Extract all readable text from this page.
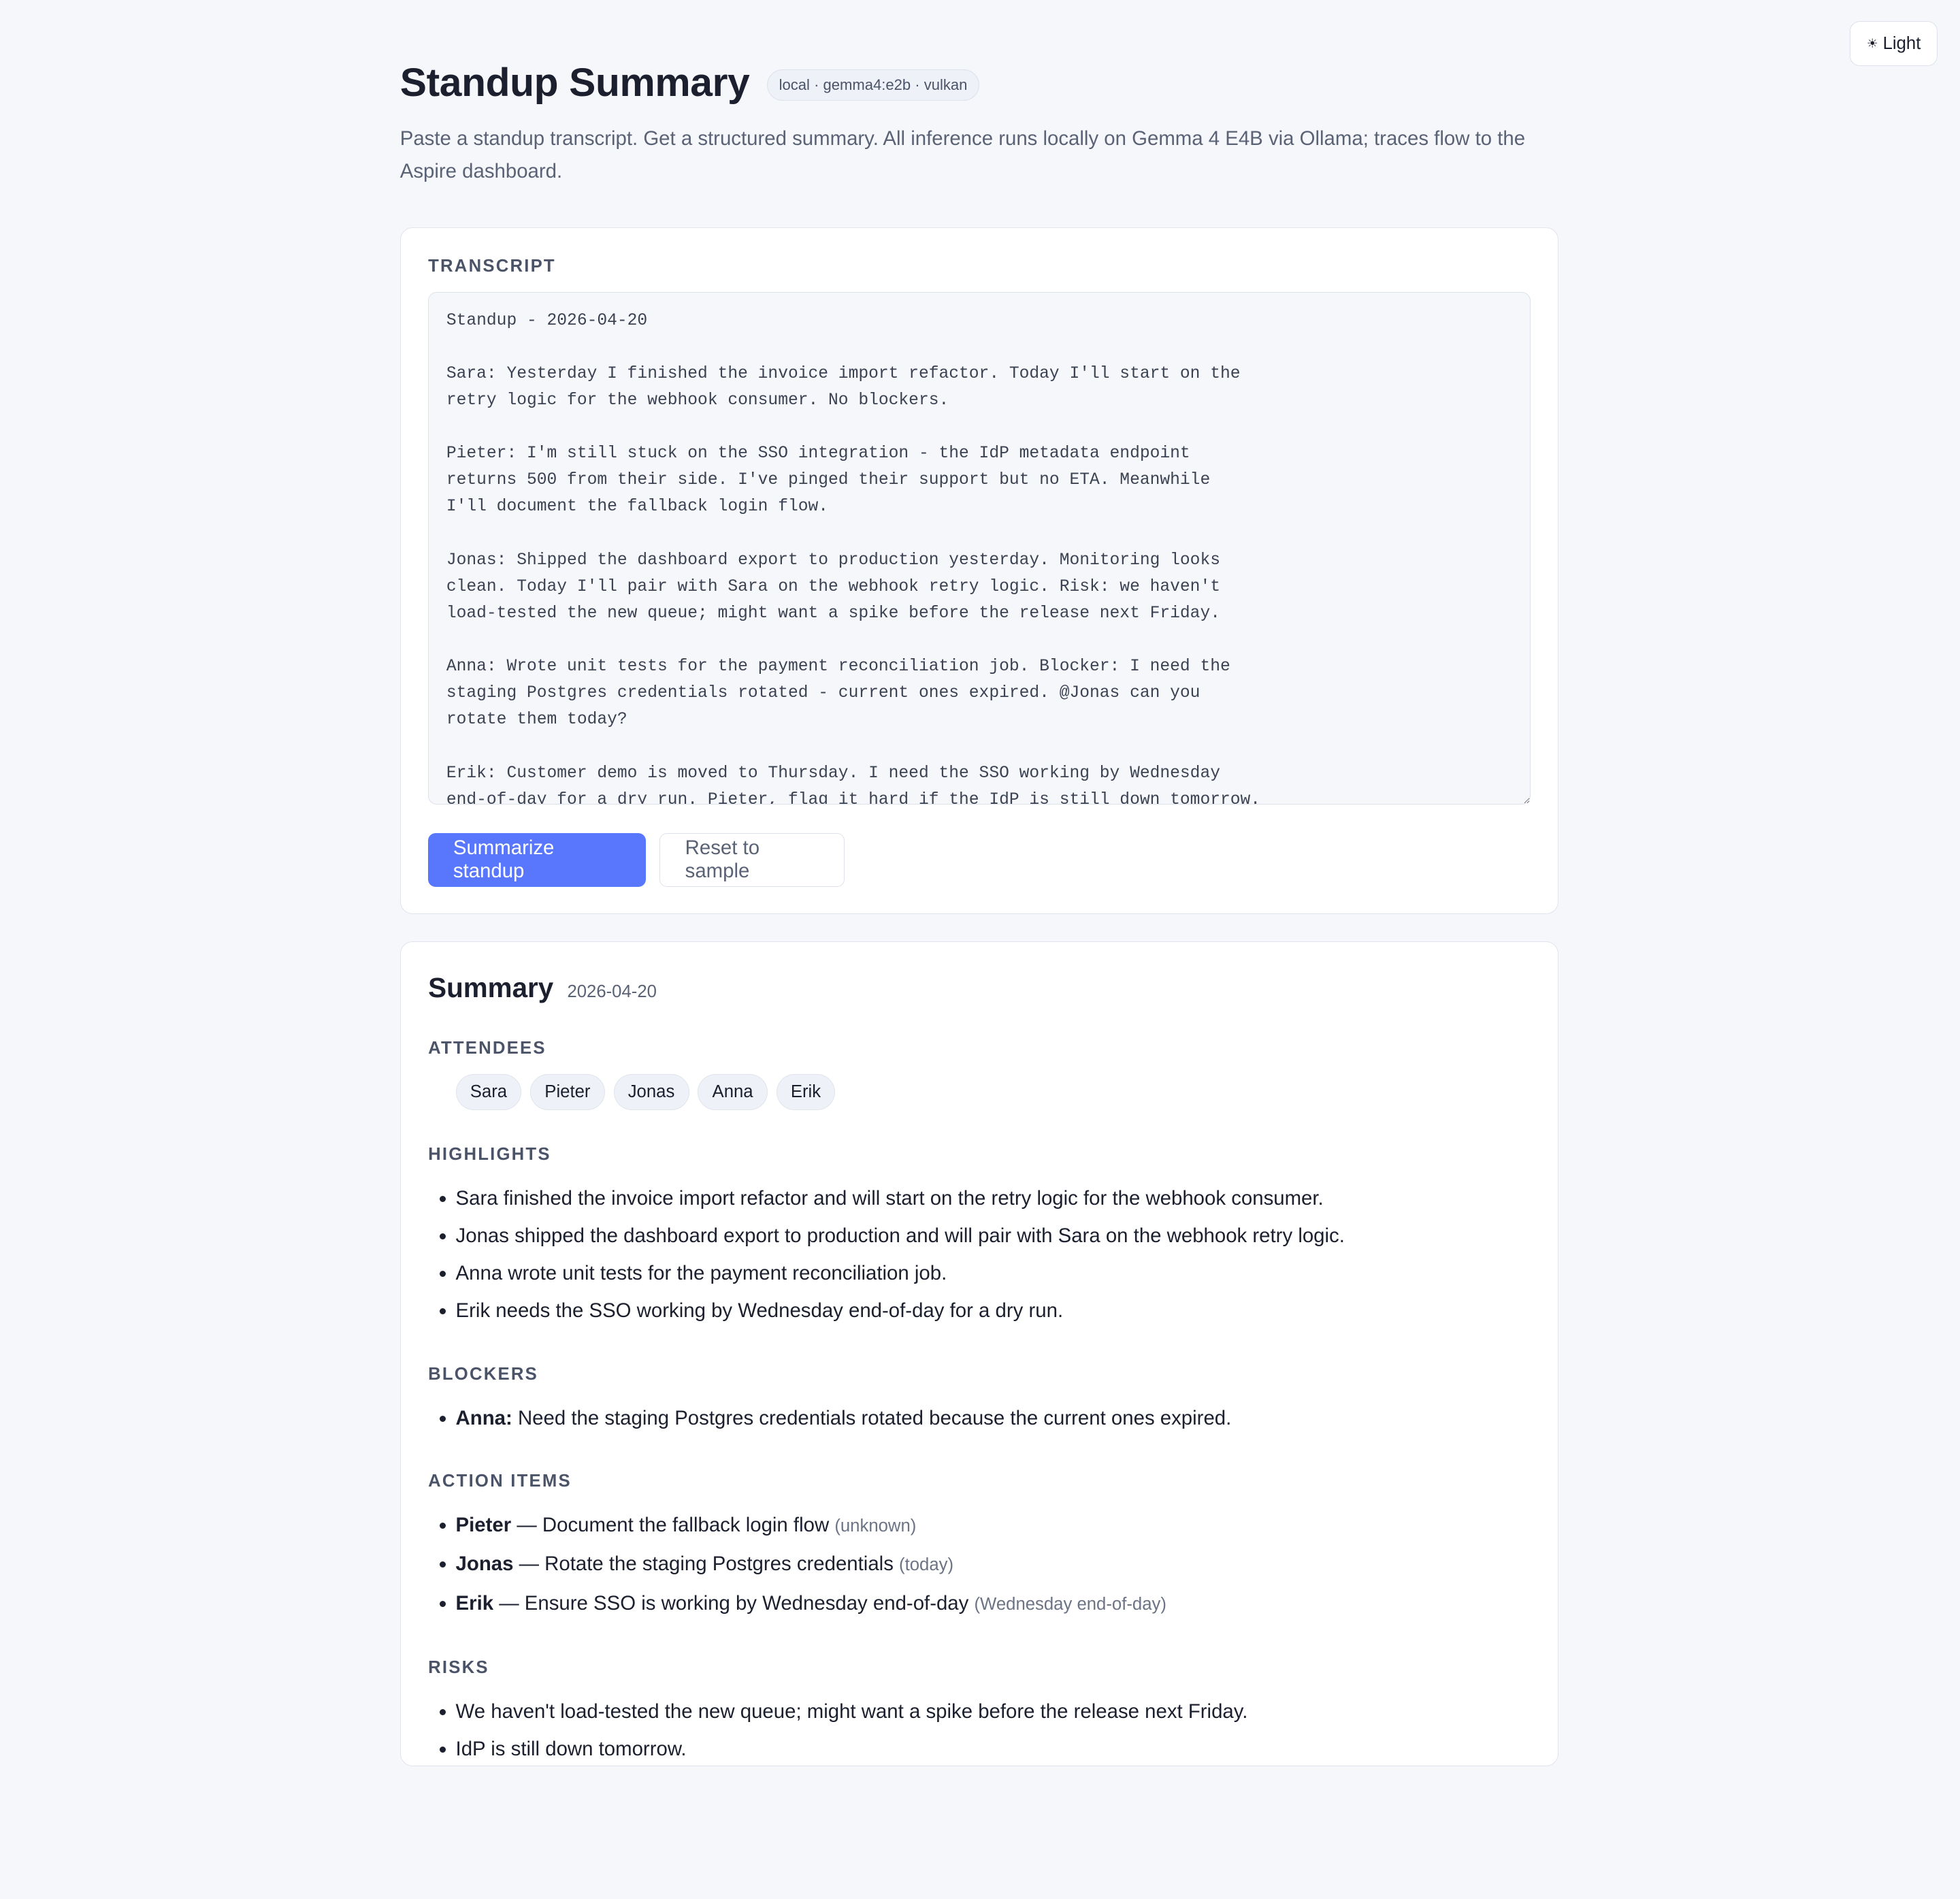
☀ Light
Standup Summary	local · gemma4:e2b · vulkan

Paste a standup transcript. Get a structured summary. All inference runs locally on Gemma 4 E4B via Ollama; traces flow to the Aspire dashboard.

TRANSCRIPT
Standup - 2026-04-20 Sara: Yesterday I finished the invoice import refactor. Today I'll start on the retry logic for the webhook consumer. No blockers. Pieter: I'm still stuck on the SSO integration - the IdP metadata endpoint returns 500 from their side. I've pinged their support but no ETA. Meanwhile I'll document the fallback login flow. Jonas: Shipped the dashboard export to production yesterday. Monitoring looks clean. Today I'll pair with Sara on the webhook retry logic. Risk: we haven't load-tested the new queue; might want a spike before the release next Friday. Anna: Wrote unit tests for the payment reconciliation job. Blocker: I need the staging Postgres credentials rotated - current ones expired. @Jonas can you rotate them today? Erik: Customer demo is moved to Thursday. I need the SSO working by Wednesday end-of-day for a dry run. Pieter, flag it hard if the IdP is still down tomorrow.
Summarize standup
Reset to sample
Summary 2026-04-20
ATTENDEES
Sara	Pieter	Jonas	Anna	Erik
HIGHLIGHTS
• Sara finished the invoice import refactor and will start on the retry logic for the webhook consumer.
• Jonas shipped the dashboard export to production and will pair with Sara on the webhook retry logic.
• Anna wrote unit tests for the payment reconciliation job.
• Erik needs the SSO working by Wednesday end-of-day for a dry run.
BLOCKERS
• Anna: Need the staging Postgres credentials rotated because the current ones expired.
ACTION ITEMS
• Pieter — Document the fallback login flow (unknown)
• Jonas — Rotate the staging Postgres credentials (today)
• Erik — Ensure SSO is working by Wednesday end-of-day (Wednesday end-of-day)
RISKS
• We haven't load-tested the new queue; might want a spike before the release next Friday.
• IdP is still down tomorrow.
